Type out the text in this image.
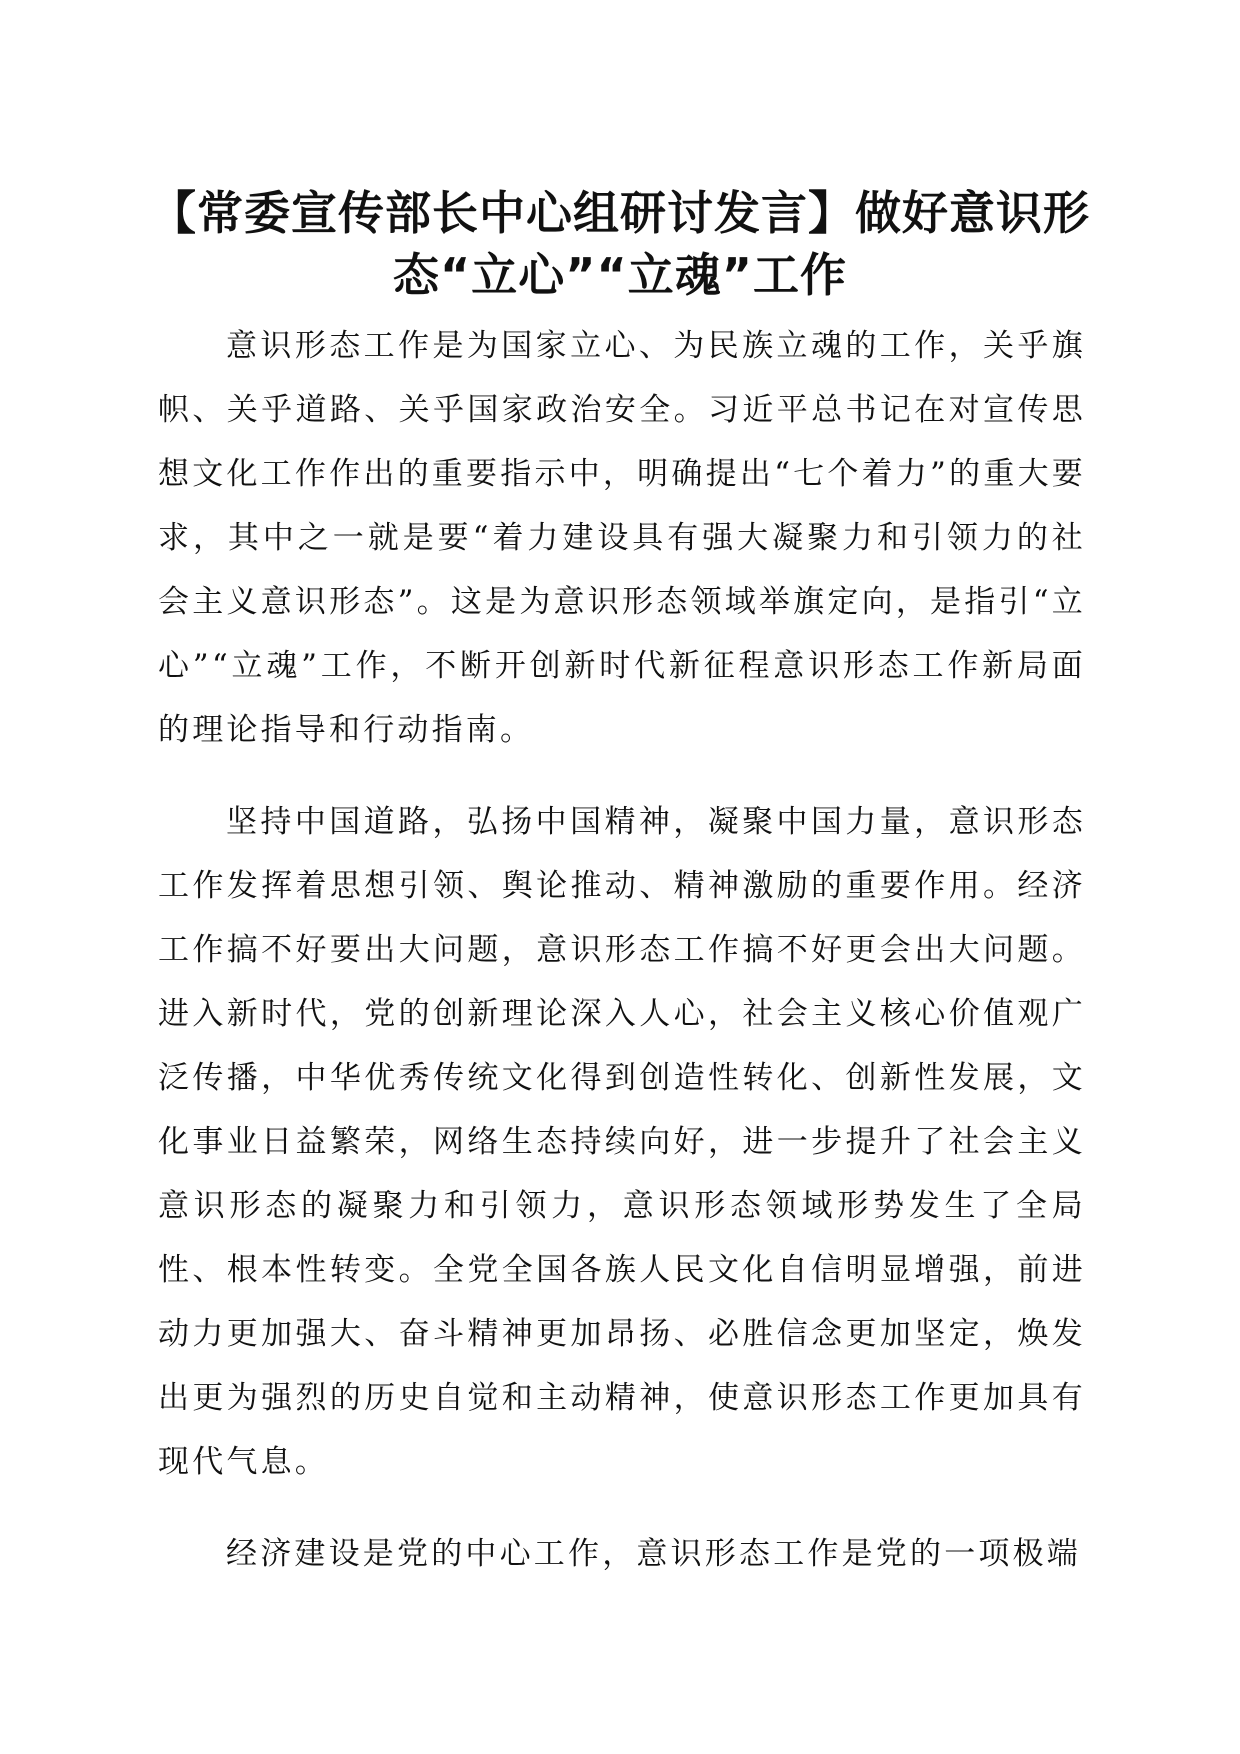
【常委宣传部长中心组研讨发言】做好意识形态“立心”“立魂”工作

意识形态工作是为国家立心、为民族立魂的工作，关乎旗帜、关乎道路、关乎国家政治安全。习近平总书记在对宣传思想文化工作作出的重要指示中，明确提出“七个着力”的重大要求，其中之一就是要“着力建设具有强大凝聚力和引领力的社会主义意识形态”。这是为意识形态领域举旗定向，是指引“立心”“立魂”工作，不断开创新时代新征程意识形态工作新局面的理论指导和行动指南。

坚持中国道路，弘扬中国精神，凝聚中国力量，意识形态工作发挥着思想引领、舆论推动、精神激励的重要作用。经济工作搞不好要出大问题，意识形态工作搞不好更会出大问题。进入新时代，党的创新理论深入人心，社会主义核心价值观广泛传播，中华优秀传统文化得到创造性转化、创新性发展，文化事业日益繁荣，网络生态持续向好，进一步提升了社会主义意识形态的凝聚力和引领力，意识形态领域形势发生了全局性、根本性转变。全党全国各族人民文化自信明显增强，前进动力更加强大、奋斗精神更加昂扬、必胜信念更加坚定，焕发出更为强烈的历史自觉和主动精神，使意识形态工作更加具有现代气息。

经济建设是党的中心工作，意识形态工作是党的一项极端
